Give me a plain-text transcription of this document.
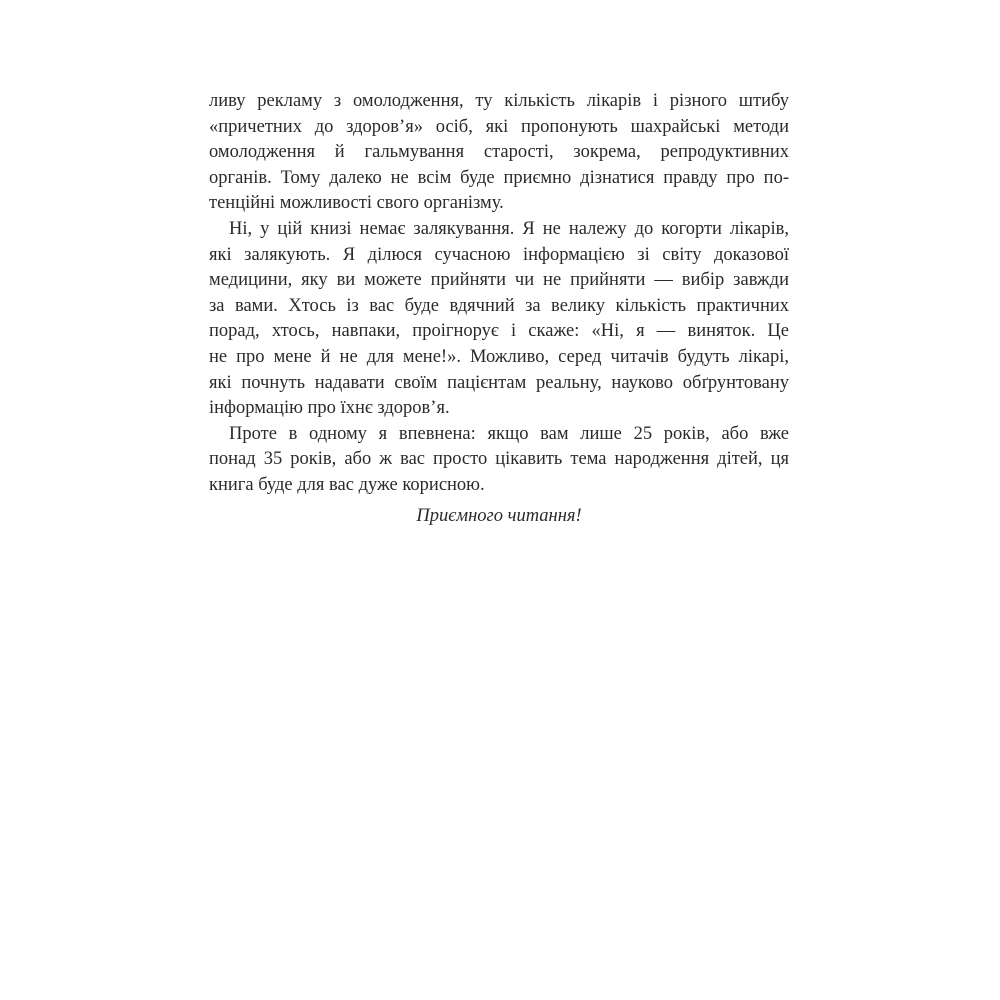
ливу рекламу з омолодження, ту кількість лікарів і різного штибу
«причетних до здоров’я» осіб, які пропонують шахрайські методи
омолодження й гальмування старості, зокрема, репродуктивних
органів. Тому далеко не всім буде приємно дізнатися правду про по-
тенційні можливості свого організму.
Ні, у цій книзі немає залякування. Я не належу до когорти лікарів,
які залякують. Я ділюся сучасною інформацією зі світу доказової
медицини, яку ви можете прийняти чи не прийняти — вибір завжди
за вами. Хтось із вас буде вдячний за велику кількість практичних
порад, хтось, навпаки, проігнорує і скаже: «Ні, я — виняток. Це
не про мене й не для мене!». Можливо, серед читачів будуть лікарі,
які почнуть надавати своїм пацієнтам реальну, науково обґрунтовану
інформацію про їхнє здоров’я.
Проте в одному я впевнена: якщо вам лише 25 років, або вже
понад 35 років, або ж вас просто цікавить тема народження дітей, ця
книга буде для вас дуже корисною.
Приємного читання!
